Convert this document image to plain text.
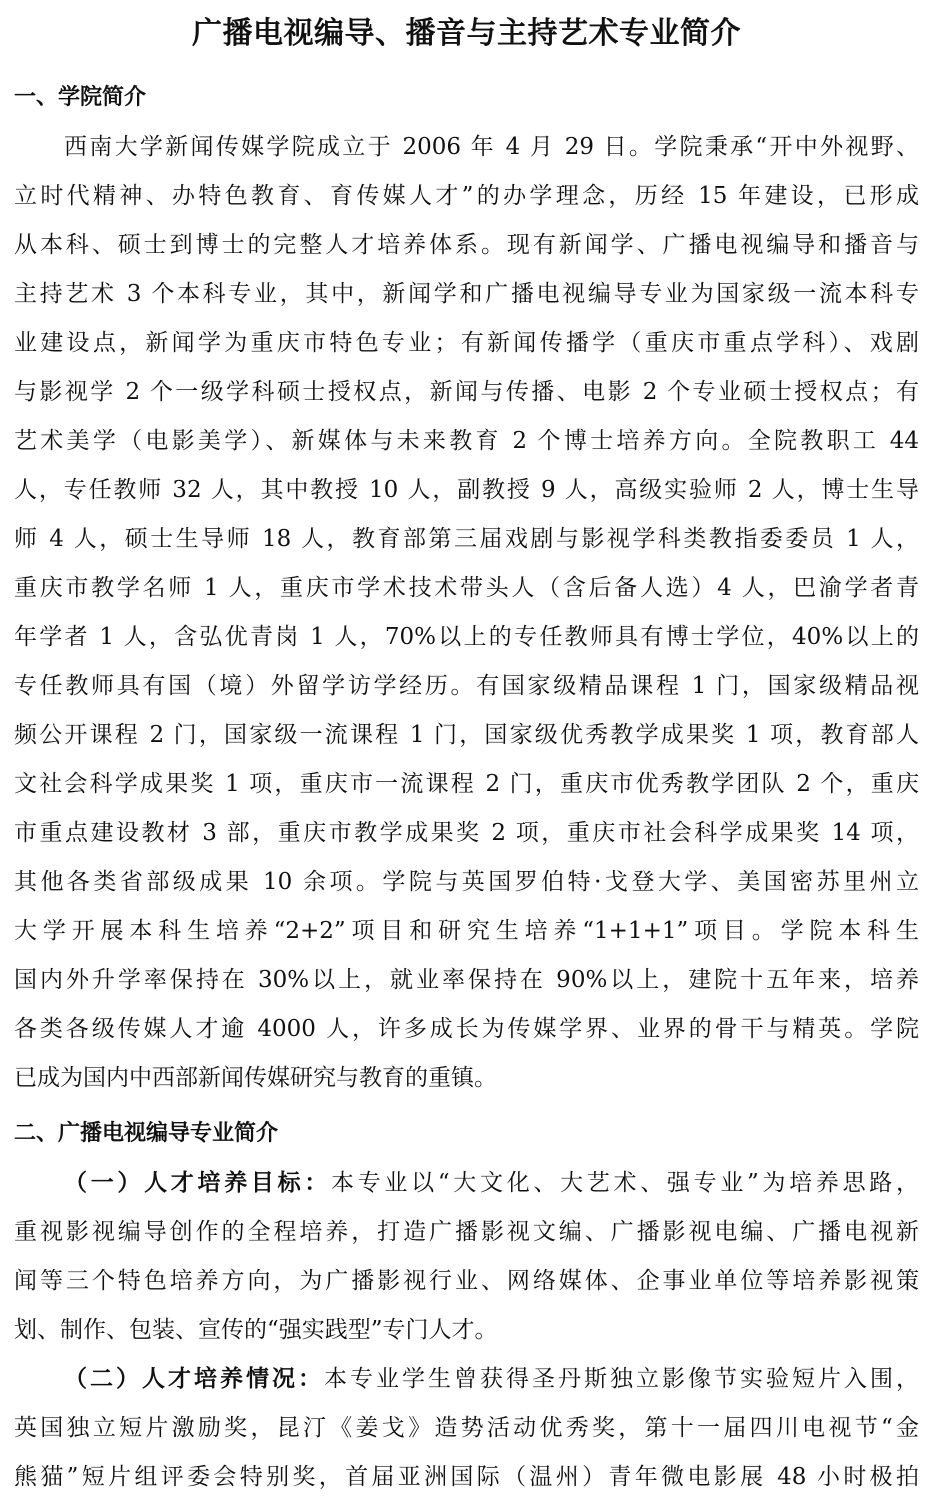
广播电视编导、播音与主持艺术专业简介
一、学院简介
西南大学新闻传媒学院成立于 2006 年 4 月 29 日。学院秉承“开中外视野、
立时代精神、办特色教育、育传媒人才”的办学理念，历经 15 年建设，已形成
从本科、硕士到博士的完整人才培养体系。现有新闻学、广播电视编导和播音与
主持艺术 3 个本科专业，其中，新闻学和广播电视编导专业为国家级一流本科专
业建设点，新闻学为重庆市特色专业；有新闻传播学（重庆市重点学科）、戏剧
与影视学 2 个一级学科硕士授权点，新闻与传播、电影 2 个专业硕士授权点；有
艺术美学（电影美学）、新媒体与未来教育 2 个博士培养方向。全院教职工 44
人，专任教师 32 人，其中教授 10 人，副教授 9 人，高级实验师 2 人，博士生导
师 4 人，硕士生导师 18 人，教育部第三届戏剧与影视学科类教指委委员 1 人，
重庆市教学名师 1 人，重庆市学术技术带头人（含后备人选）4 人，巴渝学者青
年学者 1 人，含弘优青岗 1 人，70%以上的专任教师具有博士学位，40%以上的
专任教师具有国（境）外留学访学经历。有国家级精品课程 1 门，国家级精品视
频公开课程 2 门，国家级一流课程 1 门，国家级优秀教学成果奖 1 项，教育部人
文社会科学成果奖 1 项，重庆市一流课程 2 门，重庆市优秀教学团队 2 个，重庆
市重点建设教材 3 部，重庆市教学成果奖 2 项，重庆市社会科学成果奖 14 项，
其他各类省部级成果 10 余项。学院与英国罗伯特·戈登大学、美国密苏里州立
大学开展本科生培养“2+2”项目和研究生培养“1+1+1”项目。学院本科生
国内外升学率保持在 30%以上，就业率保持在 90%以上，建院十五年来，培养
各类各级传媒人才逾 4000 人，许多成长为传媒学界、业界的骨干与精英。学院
已成为国内中西部新闻传媒研究与教育的重镇。
二、广播电视编导专业简介
（一）人才培养目标：本专业以“大文化、大艺术、强专业”为培养思路，
重视影视编导创作的全程培养，打造广播影视文编、广播影视电编、广播电视新
闻等三个特色培养方向，为广播影视行业、网络媒体、企事业单位等培养影视策
划、制作、包装、宣传的“强实践型”专门人才。
（二）人才培养情况：本专业学生曾获得圣丹斯独立影像节实验短片入围，
英国独立短片激励奖，昆汀《姜戈》造势活动优秀奖，第十一届四川电视节“金
熊猫”短片组评委会特别奖，首届亚洲国际（温州）青年微电影展 48 小时极拍
